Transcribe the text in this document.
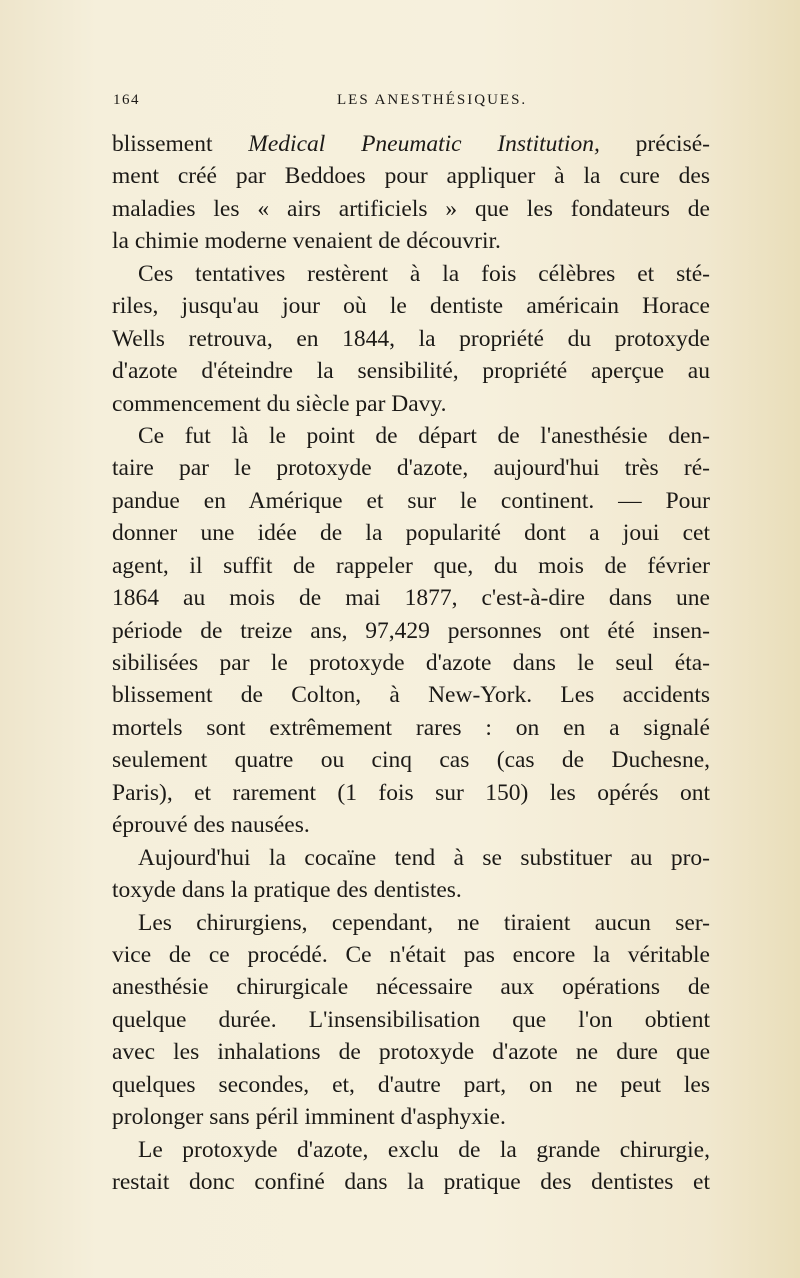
164	LES ANESTHÉSIQUES.
blissement Medical Pneumatic Institution, précisé-
ment créé par Beddoes pour appliquer à la cure des
maladies les « airs artificiels » que les fondateurs de
la chimie moderne venaient de découvrir.
Ces tentatives restèrent à la fois célèbres et sté-
riles, jusqu'au jour où le dentiste américain Horace
Wells retrouva, en 1844, la propriété du protoxyde
d'azote d'éteindre la sensibilité, propriété aperçue au
commencement du siècle par Davy.
Ce fut là le point de départ de l'anesthésie den-
taire par le protoxyde d'azote, aujourd'hui très ré-
pandue en Amérique et sur le continent. — Pour
donner une idée de la popularité dont a joui cet
agent, il suffit de rappeler que, du mois de février
1864 au mois de mai 1877, c'est-à-dire dans une
période de treize ans, 97,429 personnes ont été insen-
sibilisées par le protoxyde d'azote dans le seul éta-
blissement de Colton, à New-York. Les accidents
mortels sont extrêmement rares : on en a signalé
seulement quatre ou cinq cas (cas de Duchesne,
Paris), et rarement (1 fois sur 150) les opérés ont
éprouvé des nausées.
Aujourd'hui la cocaïne tend à se substituer au pro-
toxyde dans la pratique des dentistes.
Les chirurgiens, cependant, ne tiraient aucun ser-
vice de ce procédé. Ce n'était pas encore la véritable
anesthésie chirurgicale nécessaire aux opérations de
quelque durée. L'insensibilisation que l'on obtient
avec les inhalations de protoxyde d'azote ne dure que
quelques secondes, et, d'autre part, on ne peut les
prolonger sans péril imminent d'asphyxie.
Le protoxyde d'azote, exclu de la grande chirurgie,
restait donc confiné dans la pratique des dentistes et
